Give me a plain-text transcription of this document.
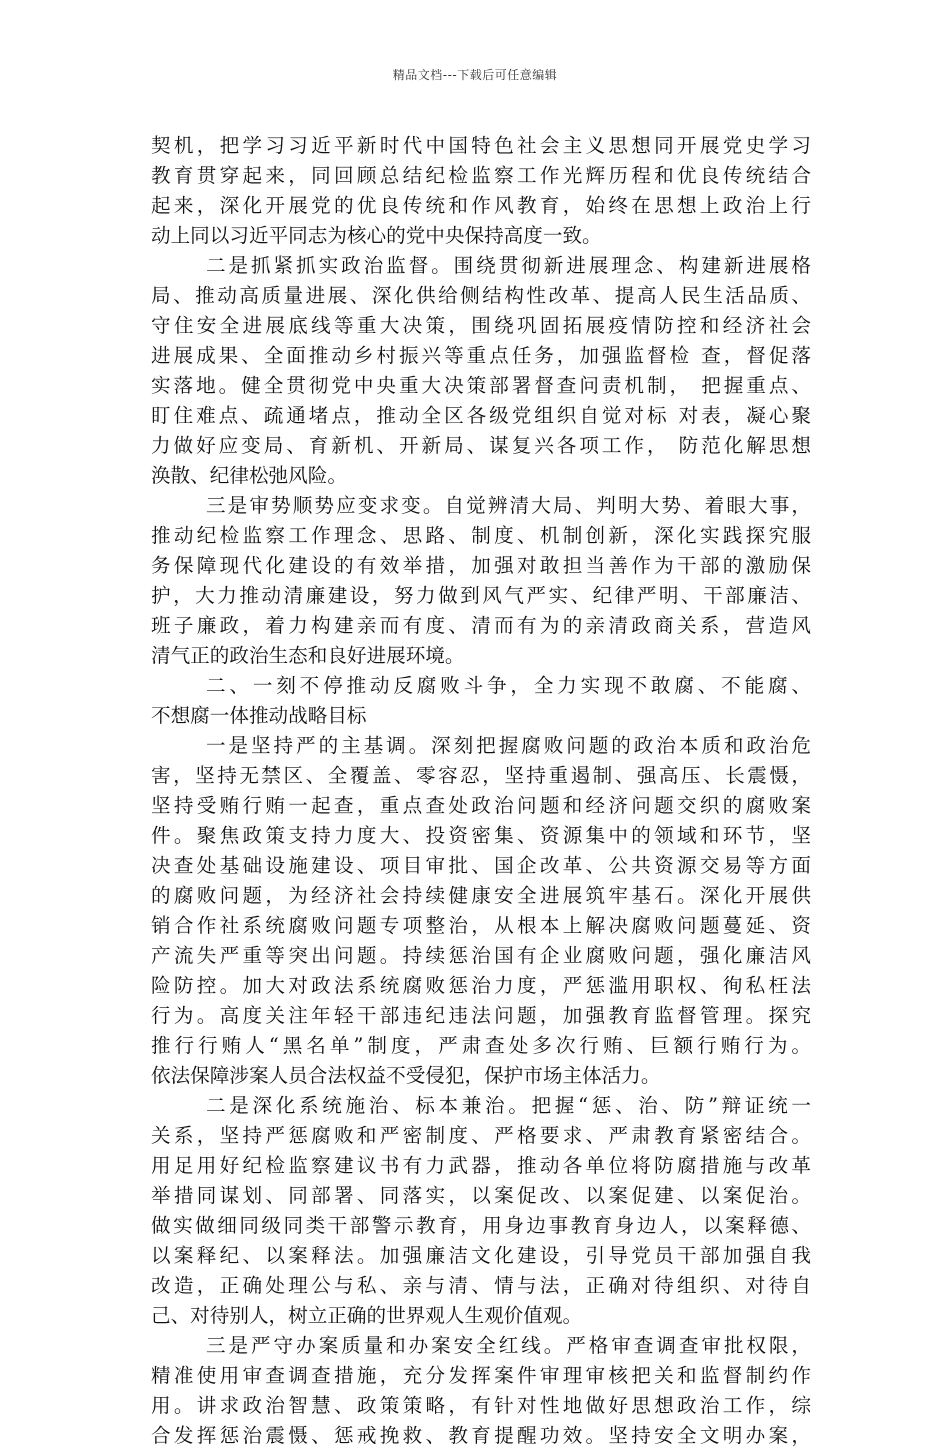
精品文档---下载后可任意编辑
契机，把学习习近平新时代中国特色社会主义思想同开展党史学习
教育贯穿起来，同回顾总结纪检监察工作光辉历程和优良传统结合
起来，深化开展党的优良传统和作风教育，始终在思想上政治上行
动上同以习近平同志为核心的党中央保持高度一致。
二是抓紧抓实政治监督。围绕贯彻新进展理念、构建新进展格
局、推动高质量进展、深化供给侧结构性改革、提高人民生活品质、
守住安全进展底线等重大决策，围绕巩固拓展疫情防控和经济社会
进展成果、全面推动乡村振兴等重点任务，加强监督检 查，督促落
实落地。健全贯彻党中央重大决策部署督查问责机制， 把握重点、
盯住难点、疏通堵点，推动全区各级党组织自觉对标 对表，凝心聚
力做好应变局、育新机、开新局、谋复兴各项工作， 防范化解思想
涣散、纪律松弛风险。
三是审势顺势应变求变。自觉辨清大局、判明大势、着眼大事，
推动纪检监察工作理念、思路、制度、机制创新，深化实践探究服
务保障现代化建设的有效举措，加强对敢担当善作为干部的激励保
护，大力推动清廉建设，努力做到风气严实、纪律严明、干部廉洁、
班子廉政，着力构建亲而有度、清而有为的亲清政商关系，营造风
清气正的政治生态和良好进展环境。
二、一刻不停推动反腐败斗争，全力实现不敢腐、不能腐、
不想腐一体推动战略目标
一是坚持严的主基调。深刻把握腐败问题的政治本质和政治危
害，坚持无禁区、全覆盖、零容忍，坚持重遏制、强高压、长震慑，
坚持受贿行贿一起查，重点查处政治问题和经济问题交织的腐败案
件。聚焦政策支持力度大、投资密集、资源集中的领域和环节，坚
决查处基础设施建设、项目审批、国企改革、公共资源交易等方面
的腐败问题，为经济社会持续健康安全进展筑牢基石。深化开展供
销合作社系统腐败问题专项整治，从根本上解决腐败问题蔓延、资
产流失严重等突出问题。持续惩治国有企业腐败问题，强化廉洁风
险防控。加大对政法系统腐败惩治力度，严惩滥用职权、徇私枉法
行为。高度关注年轻干部违纪违法问题，加强教育监督管理。探究
推行行贿人“黑名单”制度，严肃查处多次行贿、巨额行贿行为。
依法保障涉案人员合法权益不受侵犯，保护市场主体活力。
二是深化系统施治、标本兼治。把握“惩、治、防”辩证统一
关系，坚持严惩腐败和严密制度、严格要求、严肃教育紧密结合。
用足用好纪检监察建议书有力武器，推动各单位将防腐措施与改革
举措同谋划、同部署、同落实，以案促改、以案促建、以案促治。
做实做细同级同类干部警示教育，用身边事教育身边人，以案释德、
以案释纪、以案释法。加强廉洁文化建设，引导党员干部加强自我
改造，正确处理公与私、亲与清、情与法，正确对待组织、对待自
己、对待别人，树立正确的世界观人生观价值观。
三是严守办案质量和办案安全红线。严格审查调查审批权限，
精准使用审查调查措施，充分发挥案件审理审核把关和监督制约作
用。讲求政治智慧、政策策略，有针对性地做好思想政治工作，综
合发挥惩治震慑、惩戒挽救、教育提醒功效。坚持安全文明办案，
